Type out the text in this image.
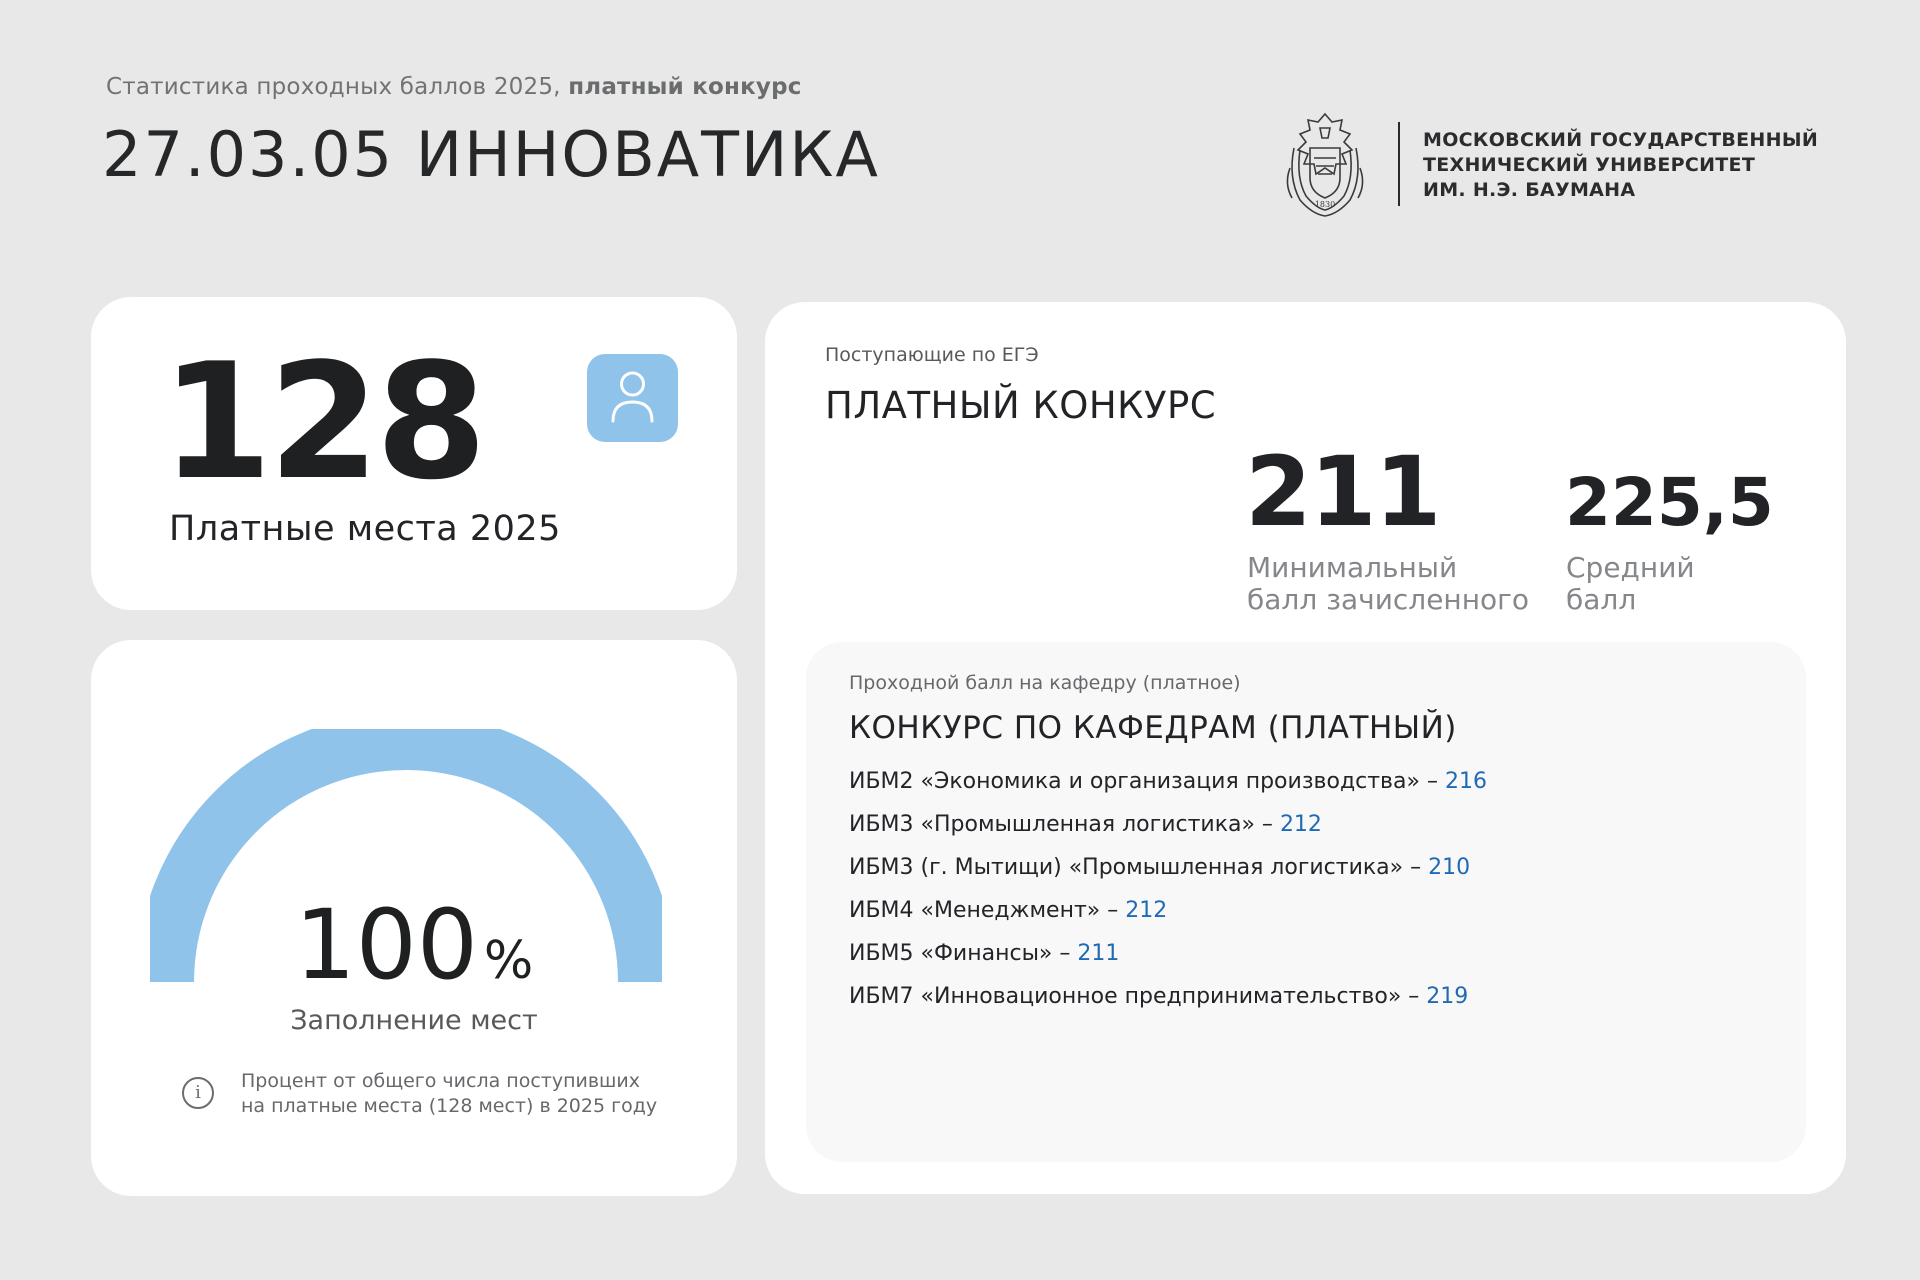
Статистика проходных баллов 2025, платный конкурс
27.03.05 ИННОВАТИКА
1830
МОСКОВСКИЙ ГОСУДАРСТВЕННЫЙ
ТЕХНИЧЕСКИЙ УНИВЕРСИТЕТ
ИМ. Н.Э. БАУМАНА
128
Платные места 2025
100 %
Заполнение мест
i
Процент от общего числа поступивших
на платные места (128 мест) в 2025 году
Поступающие по ЕГЭ
ПЛАТНЫЙ КОНКУРС
211
Минимальный
балл зачисленного
225,5
Средний
балл
Проходной балл на кафедру (платное)
КОНКУРС ПО КАФЕДРАМ (ПЛАТНЫЙ)
ИБМ2 «Экономика и организация производства» – 216
ИБМ3 «Промышленная логистика» – 212
ИБМ3 (г. Мытищи) «Промышленная логистика» – 210
ИБМ4 «Менеджмент» – 212
ИБМ5 «Финансы» – 211
ИБМ7 «Инновационное предпринимательство» – 219
